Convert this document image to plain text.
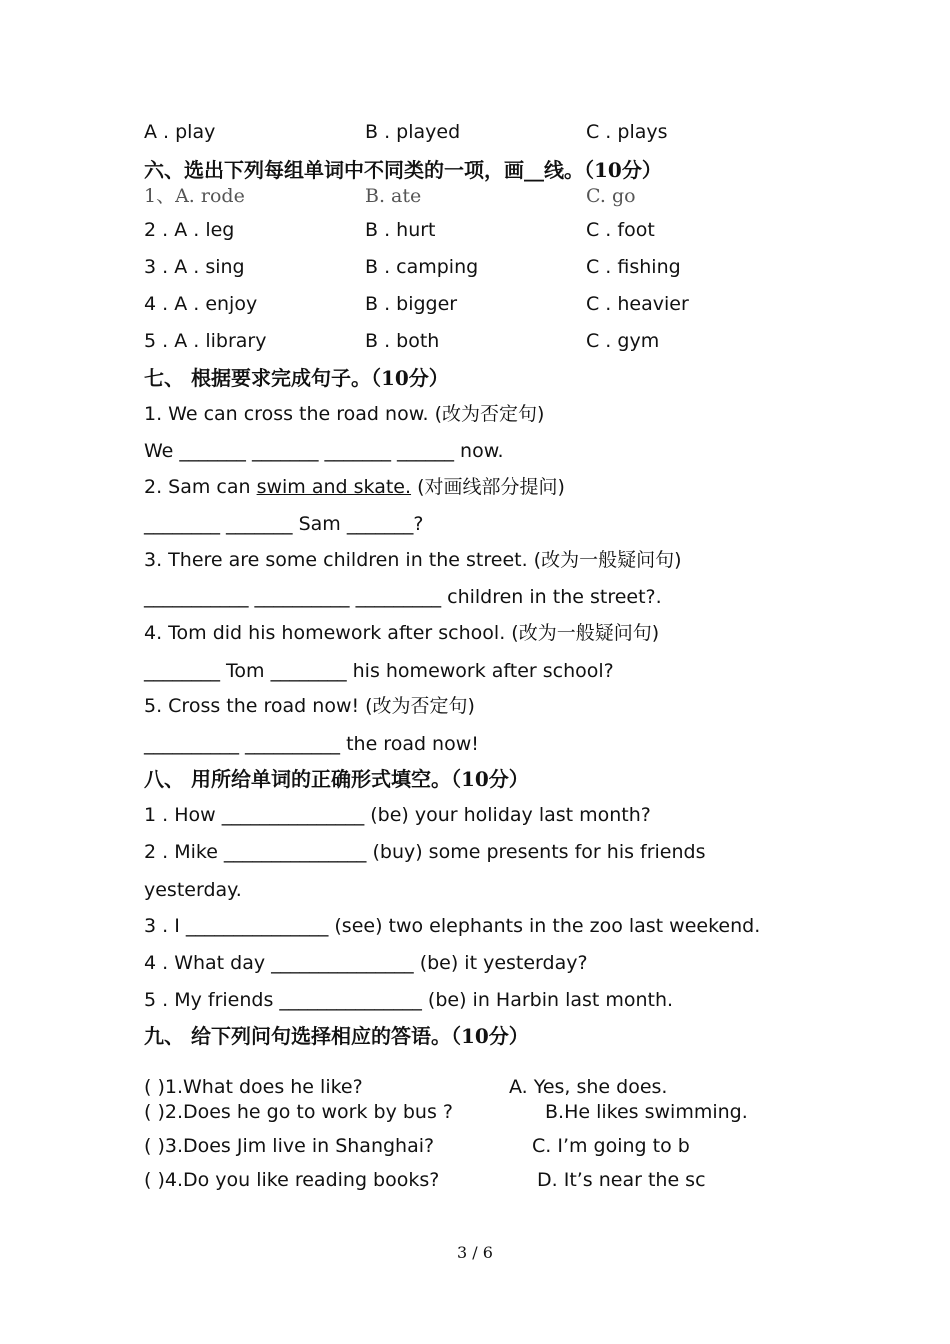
A . play	B . played	C . plays
六、选出下列每组单词中不同类的一项，画__线。（10分）
1、A. rode	B. ate	C. go
2 . A . leg	B . hurt	C . foot
3 . A . sing	B . camping	C . fishing
4 . A . enjoy	B . bigger	C . heavier
5 . A . library	B . both	C . gym
七、 根据要求完成句子。（10分）
1. We can cross the road now. (改为否定句)
We _______ _______ _______ ______ now.
2. Sam can swim and skate. (对画线部分提问)
________ _______ Sam _______?
3. There are some children in the street. (改为一般疑问句)
___________ __________ _________ children in the street?.
4. Tom did his homework after school. (改为一般疑问句)
________ Tom ________ his homework after school?
5. Cross the road now! (改为否定句)
__________ __________ the road now!
八、 用所给单词的正确形式填空。（10分）
1 . How _______________ (be) your holiday last month?
2 . Mike _______________ (buy) some presents for his friends
yesterday.
3 . I _______________ (see) two elephants in the zoo last weekend.
4 . What day _______________ (be) it yesterday?
5 . My friends _______________ (be) in Harbin last month.
九、 给下列问句选择相应的答语。（10分）
( )1.What does he like?	A. Yes, she does.
( )2.Does he go to work by bus ?	B.He likes swimming.
( )3.Does Jim live in Shanghai?	C. I’m going to b
( )4.Do you like reading books?	D. It’s near the sc
3 / 6
